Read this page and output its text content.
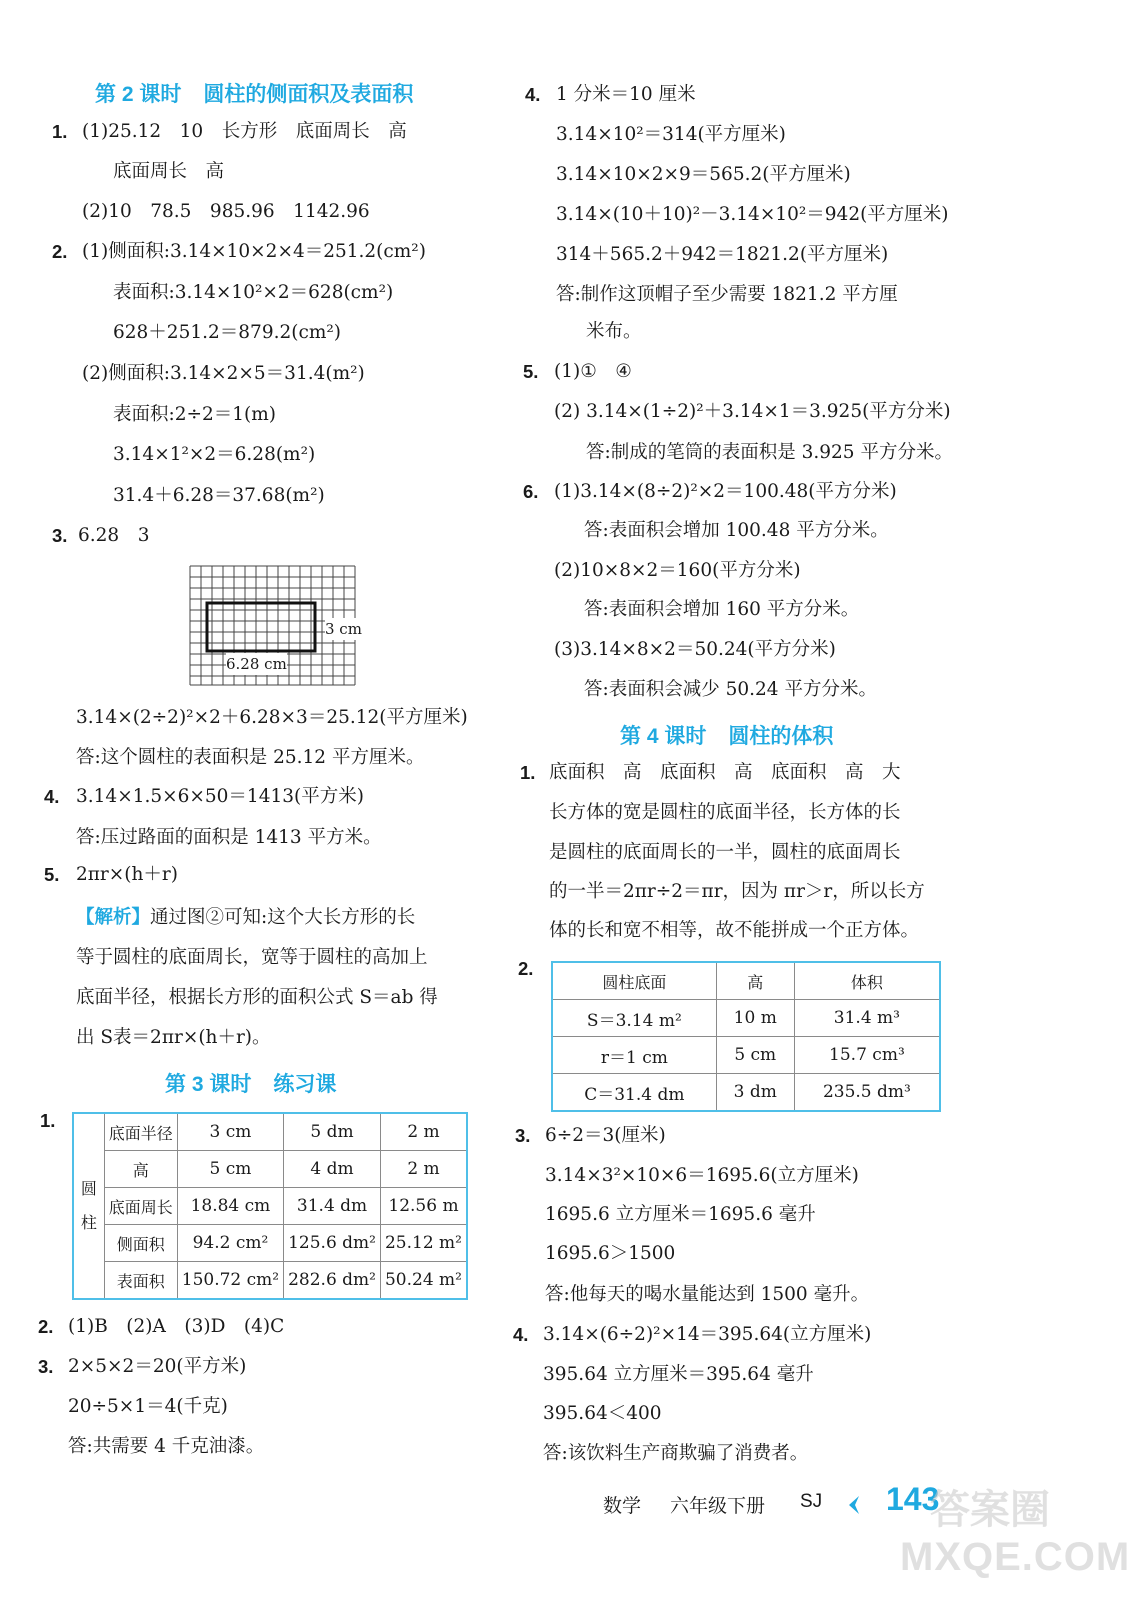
第 2 课时 圆柱的侧面积及表面积
1. (1)25.12　10　长方形　底面周长　高
底面周长　高
(2)10　78.5　985.96　1142.96
2. (1)侧面积:3.14×10×2×4＝251.2(cm²)
表面积:3.14×10²×2＝628(cm²)
628＋251.2＝879.2(cm²)
(2)侧面积:3.14×2×5＝31.4(m²)
表面积:2÷2＝1(m)
3.14×1²×2＝6.28(m²)
31.4＋6.28＝37.68(m²)
3. 6.28　3
3 cm
6.28 cm
3.14×(2÷2)²×2＋6.28×3＝25.12(平方厘米)
答:这个圆柱的表面积是 25.12 平方厘米。
4. 3.14×1.5×6×50＝1413(平方米)
答:压过路面的面积是 1413 平方米。
5. 2πr×(h＋r)
【解析】通过图②可知:这个大长方形的长
等于圆柱的底面周长，宽等于圆柱的高加上
底面半径，根据长方形的面积公式 S＝ab 得
出 S表＝2πr×(h＋r)。
第 3 课时 练习课
1.
圆柱	底面半径	3 cm	5 dm	2 m
	高	5 cm	4 dm	2 m
	底面周长	18.84 cm	31.4 dm	12.56 m
	侧面积	94.2 cm²	125.6 dm²	25.12 m²
	表面积	150.72 cm²	282.6 dm²	50.24 m²
2. (1)B　(2)A　(3)D　(4)C
3. 2×5×2＝20(平方米)
20÷5×1＝4(千克)
答:共需要 4 千克油漆。
4. 1 分米＝10 厘米
3.14×10²＝314(平方厘米)
3.14×10×2×9＝565.2(平方厘米)
3.14×(10＋10)²－3.14×10²＝942(平方厘米)
314＋565.2＋942＝1821.2(平方厘米)
答:制作这顶帽子至少需要 1821.2 平方厘
米布。
5. (1)①　④
(2) 3.14×(1÷2)²＋3.14×1＝3.925(平方分米)
答:制成的笔筒的表面积是 3.925 平方分米。
6. (1)3.14×(8÷2)²×2＝100.48(平方分米)
答:表面积会增加 100.48 平方分米。
(2)10×8×2＝160(平方分米)
答:表面积会增加 160 平方分米。
(3)3.14×8×2＝50.24(平方分米)
答:表面积会减少 50.24 平方分米。
第 4 课时 圆柱的体积
1. 底面积　高　底面积　高　底面积　高　大
长方体的宽是圆柱的底面半径，长方体的长
是圆柱的底面周长的一半，圆柱的底面周长
的一半＝2πr÷2＝πr，因为 πr＞r，所以长方
体的长和宽不相等，故不能拼成一个正方体。
2.
圆柱底面	高	体积
S＝3.14 m²	10 m	31.4 m³
r＝1 cm	5 cm	15.7 cm³
C＝31.4 dm	3 dm	235.5 dm³
3. 6÷2＝3(厘米)
3.14×3²×10×6＝1695.6(立方厘米)
1695.6 立方厘米＝1695.6 毫升
1695.6＞1500
答:他每天的喝水量能达到 1500 毫升。
4. 3.14×(6÷2)²×14＝395.64(立方厘米)
395.64 立方厘米＝395.64 毫升
395.64＜400
答:该饮料生产商欺骗了消费者。
数学 六年级下册 SJ 143
答案圈
MXQE.COM
